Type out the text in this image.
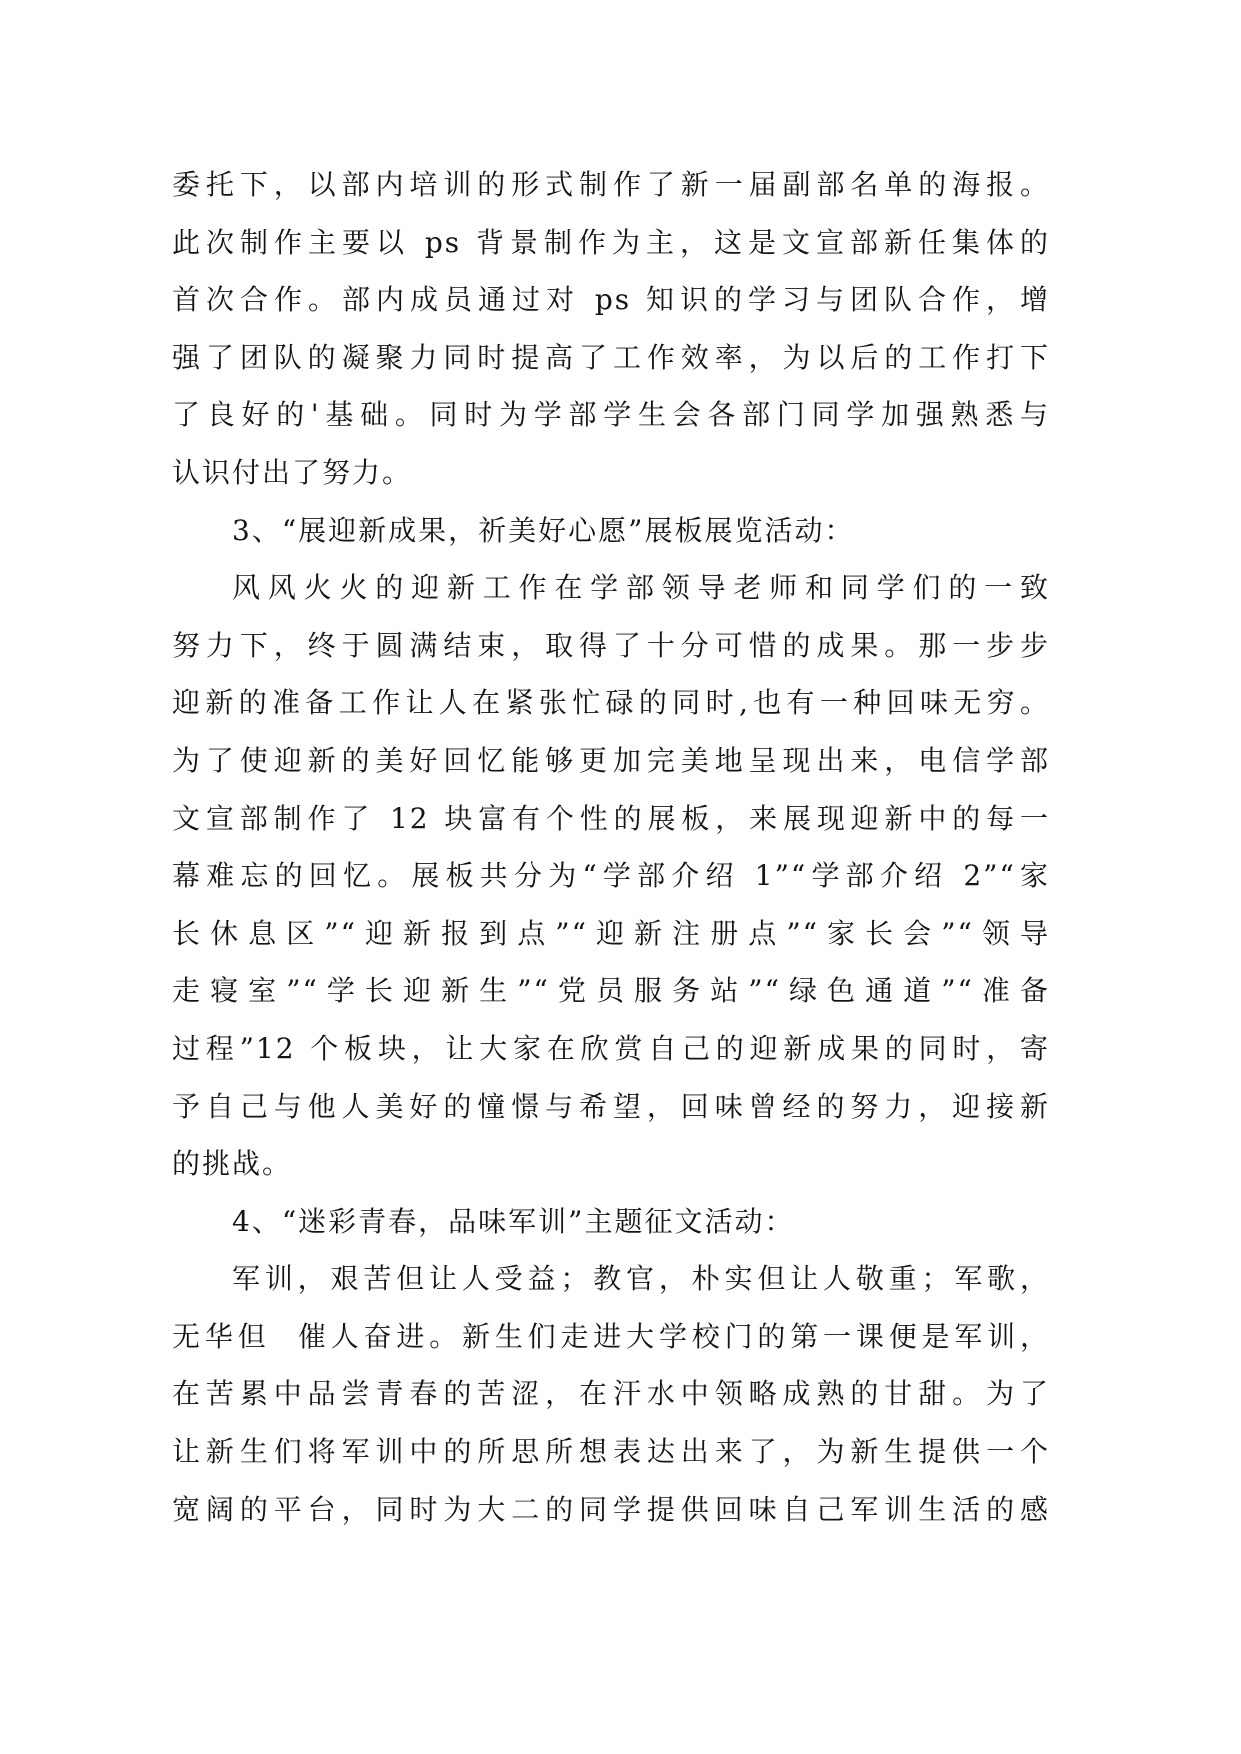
委托下，以部内培训的形式制作了新一届副部名单的海报。
此次制作主要以 ps 背景制作为主，这是文宣部新任集体的
首次合作。部内成员通过对 ps 知识的学习与团队合作，增
强了团队的凝聚力同时提高了工作效率，为以后的工作打下
了良好的'基础。同时为学部学生会各部门同学加强熟悉与
认识付出了努力。
3、“展迎新成果，祈美好心愿”展板展览活动：
风风火火的迎新工作在学部领导老师和同学们的一致
努力下，终于圆满结束，取得了十分可惜的成果。那一步步
迎新的准备工作让人在紧张忙碌的同时,也有一种回味无穷。
为了使迎新的美好回忆能够更加完美地呈现出来，电信学部
文宣部制作了 12 块富有个性的展板，来展现迎新中的每一
幕难忘的回忆。展板共分为“学部介绍 1”“学部介绍 2”“家
长休息区”“迎新报到点”“迎新注册点”“家长会”“领导
走寝室”“学长迎新生”“党员服务站”“绿色通道”“准备
过程”12 个板块，让大家在欣赏自己的迎新成果的同时，寄
予自己与他人美好的憧憬与希望，回味曾经的努力，迎接新
的挑战。
4、“迷彩青春，品味军训”主题征文活动：
军训，艰苦但让人受益；教官，朴实但让人敬重；军歌，
无华但  催人奋进。新生们走进大学校门的第一课便是军训，
在苦累中品尝青春的苦涩，在汗水中领略成熟的甘甜。为了
让新生们将军训中的所思所想表达出来了，为新生提供一个
宽阔的平台，同时为大二的同学提供回味自己军训生活的感
